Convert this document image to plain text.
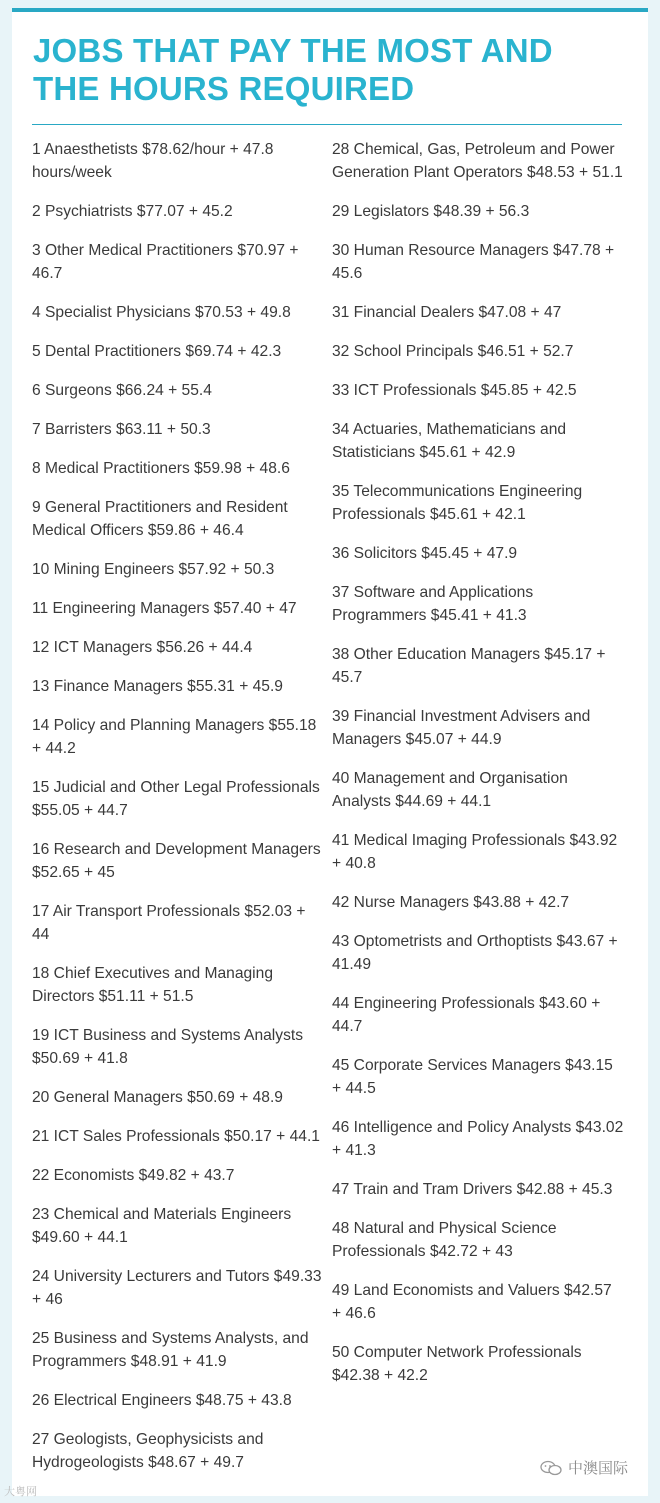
JOBS THAT PAY THE MOST AND THE HOURS REQUIRED
1 Anaesthetists $78.62/hour + 47.8 hours/week
2 Psychiatrists $77.07 + 45.2
3 Other Medical Practitioners $70.97 + 46.7
4 Specialist Physicians $70.53 + 49.8
5 Dental Practitioners $69.74 + 42.3
6 Surgeons $66.24 + 55.4
7 Barristers $63.11 + 50.3
8 Medical Practitioners $59.98 + 48.6
9 General Practitioners and Resident Medical Officers $59.86 + 46.4
10 Mining Engineers $57.92 + 50.3
11 Engineering Managers $57.40 + 47
12 ICT Managers $56.26 + 44.4
13 Finance Managers $55.31 + 45.9
14 Policy and Planning Managers $55.18 + 44.2
15 Judicial and Other Legal Professionals $55.05 + 44.7
16 Research and Development Managers $52.65 + 45
17 Air Transport Professionals $52.03 + 44
18 Chief Executives and Managing Directors $51.11 + 51.5
19 ICT Business and Systems Analysts $50.69 + 41.8
20 General Managers $50.69 + 48.9
21 ICT Sales Professionals $50.17 + 44.1
22 Economists $49.82 + 43.7
23 Chemical and Materials Engineers $49.60 + 44.1
24 University Lecturers and Tutors $49.33 + 46
25 Business and Systems Analysts, and Programmers $48.91 + 41.9
26 Electrical Engineers $48.75 + 43.8
27 Geologists, Geophysicists and Hydrogeologists $48.67 + 49.7
28 Chemical, Gas, Petroleum and Power Generation Plant Operators $48.53 + 51.1
29 Legislators $48.39 + 56.3
30 Human Resource Managers $47.78 + 45.6
31 Financial Dealers $47.08 + 47
32 School Principals $46.51 + 52.7
33 ICT Professionals $45.85 + 42.5
34 Actuaries, Mathematicians and Statisticians $45.61 + 42.9
35 Telecommunications Engineering Professionals $45.61 + 42.1
36 Solicitors $45.45 + 47.9
37 Software and Applications Programmers $45.41 + 41.3
38 Other Education Managers $45.17 + 45.7
39 Financial Investment Advisers and Managers $45.07 + 44.9
40 Management and Organisation Analysts $44.69 + 44.1
41 Medical Imaging Professionals $43.92 + 40.8
42 Nurse Managers $43.88 + 42.7
43 Optometrists and Orthoptists $43.67 + 41.49
44 Engineering Professionals $43.60 + 44.7
45 Corporate Services Managers $43.15 + 44.5
46 Intelligence and Policy Analysts $43.02 + 41.3
47 Train and Tram Drivers $42.88 + 45.3
48 Natural and Physical Science Professionals $42.72 + 43
49 Land Economists and Valuers $42.57 + 46.6
50 Computer Network Professionals $42.38 + 42.2
中澳国际
大粤网
